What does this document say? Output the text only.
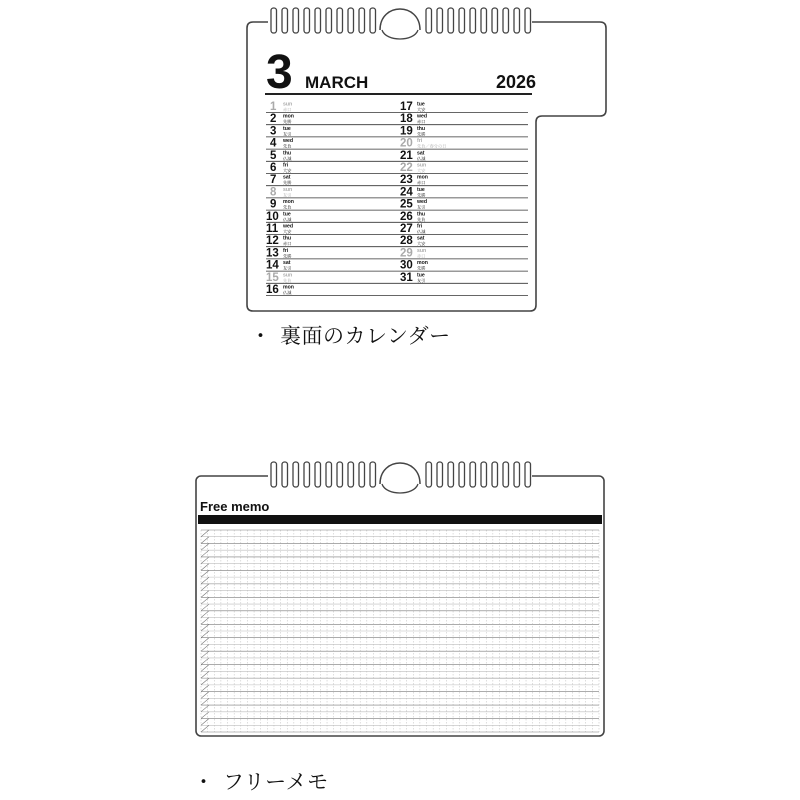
3 MARCH	2026
1 sun
赤口
2 mon
先勝
3 tue
友引
4 wed
先負
5 thu
仏滅
6 fri
大安
7 sat
先勝
8 sun
友引
9 mon
先負
10 tue
仏滅
11 wed
大安
12 thu
赤口
13 fri
先勝
14 sat
友引
15 sun
先負
16 mon
仏滅
17 tue
大安
18 wed
赤口
19 thu
先勝
20 fri
先負／春分の日
21 sat
仏滅
22 sun
大安
23 mon
赤口
24 tue
先勝
25 wed
友引
26 thu
先負
27 fri
仏滅
28 sat
大安
29 sun
赤口
30 mon
先勝
31 tue
友引
・ 裏面のカレンダー
Free memo
・ フリーメモ
